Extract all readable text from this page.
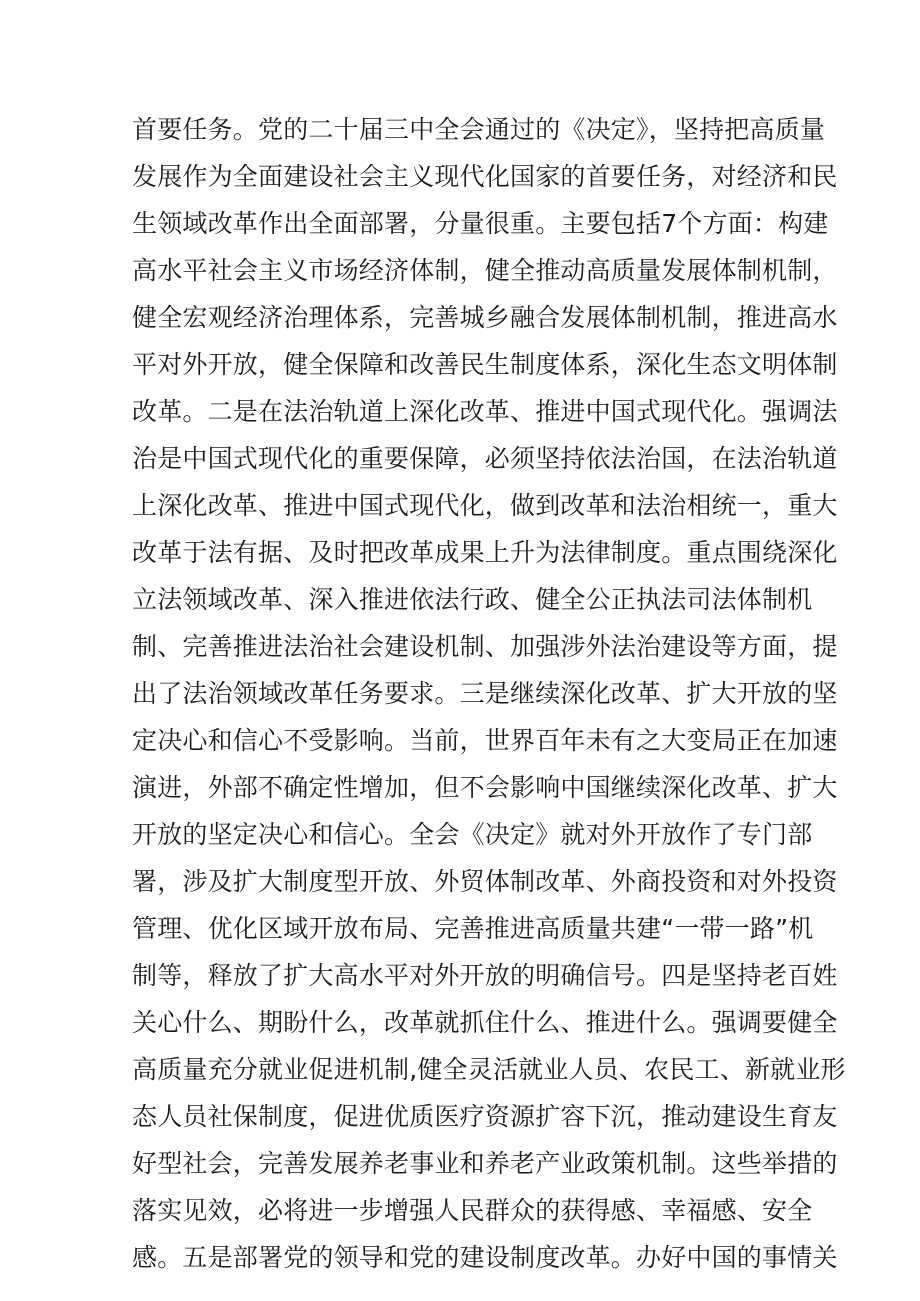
首要任务。党的二十届三中全会通过的《决定》，坚持把高质量
发展作为全面建设社会主义现代化国家的首要任务，对经济和民
生领域改革作出全面部署，分量很重。主要包括7个方面：构建
高水平社会主义市场经济体制，健全推动高质量发展体制机制，
健全宏观经济治理体系，完善城乡融合发展体制机制，推进高水
平对外开放，健全保障和改善民生制度体系，深化生态文明体制
改革。二是在法治轨道上深化改革、推进中国式现代化。强调法
治是中国式现代化的重要保障，必须坚持依法治国，在法治轨道
上深化改革、推进中国式现代化，做到改革和法治相统一，重大
改革于法有据、及时把改革成果上升为法律制度。重点围绕深化
立法领域改革、深入推进依法行政、健全公正执法司法体制机
制、完善推进法治社会建设机制、加强涉外法治建设等方面，提
出了法治领域改革任务要求。三是继续深化改革、扩大开放的坚
定决心和信心不受影响。当前，世界百年未有之大变局正在加速
演进，外部不确定性增加，但不会影响中国继续深化改革、扩大
开放的坚定决心和信心。全会《决定》就对外开放作了专门部
署，涉及扩大制度型开放、外贸体制改革、外商投资和对外投资
管理、优化区域开放布局、完善推进高质量共建“一带一路”机
制等，释放了扩大高水平对外开放的明确信号。四是坚持老百姓
关心什么、期盼什么，改革就抓住什么、推进什么。强调要健全
高质量充分就业促进机制,健全灵活就业人员、农民工、新就业形
态人员社保制度，促进优质医疗资源扩容下沉，推动建设生育友
好型社会，完善发展养老事业和养老产业政策机制。这些举措的
落实见效，必将进一步增强人民群众的获得感、幸福感、安全
感。五是部署党的领导和党的建设制度改革。办好中国的事情关
